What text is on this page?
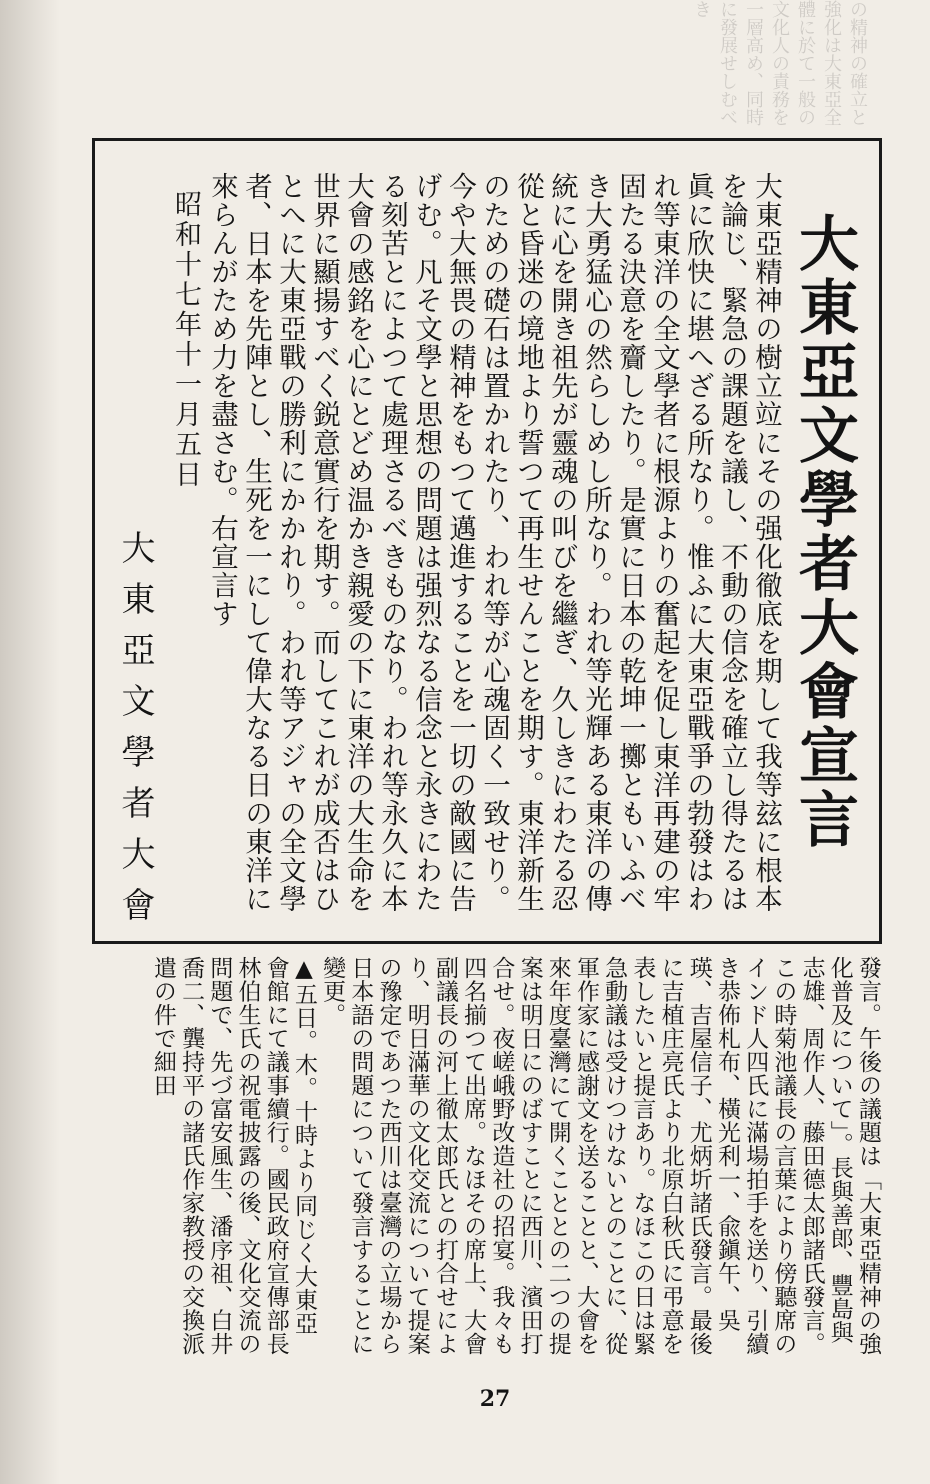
の精神の確立と強化は大東亞全體に於て一般の文化人の責務を一層高め、同時に發展せしむべき
大東亞文學者大會宣言

大東亞精神の樹立竝にその强化徹底を期して我等玆に根本を論じ、緊急の課題を議し、不動の信念を確立し得たるは眞に欣快に堪へざる所なり。惟ふに大東亞戰爭の勃發はわれ等東洋の全文學者に根源よりの奮起を促し東洋再建の牢固たる決意を齎したり。是實に日本の乾坤一擲ともいふべき大勇猛心の然らしめし所なり。われ等光輝ある東洋の傳統に心を開き祖先が靈魂の叫びを繼ぎ、久しきにわたる忍從と昏迷の境地より誓つて再生せんことを期す。東洋新生のための礎石は置かれたり、われ等が心魂固く一致せり。今や大無畏の精神をもつて邁進することを一切の敵國に告げむ。凡そ文學と思想の問題は强烈なる信念と永きにわたる刻苦とによつて處理さるべきものなり。われ等永久に本大會の感銘を心にとどめ温かき親愛の下に東洋の大生命を世界に顯揚すべく鋭意實行を期す。而してこれが成否はひとへに大東亞戰の勝利にかかれり。われ等アジャの全文學者、日本を先陣とし、生死を一にして偉大なる日の東洋に來らんがため力を盡さむ。右宣言す

昭和十七年十一月五日
大東亞文學者大會

發言。午後の議題は「大東亞精神の強化普及について」。長與善郎、豐島與志雄、周作人、藤田德太郎諸氏發言。この時菊池議長の言葉により傍聽席のインド人四氏に滿場拍手を送り、引續き恭佈札布、橫光利一、兪鎭午、吳瑛、吉屋信子、尤炳圻諸氏發言。最後に吉植庄亮氏より北原白秋氏に弔意を表したいと提言あり。なほこの日は緊急動議は受けつけないとのことに、從軍作家に感謝文を送ることと、大會を來年度臺灣にて開くこととの二つの提案は明日にのばすことに西川、濱田打合せ。夜嵯峨野改造社の招宴。我々も四名揃つて出席。なほその席上、大會副議長の河上徹太郎氏との打合せにより、明日滿華の文化交流について提案の豫定であつた西川は臺灣の立場から日本語の問題について發言することに變更。

▲五日。木。十時より同じく大東亞會館にて議事續行。國民政府宣傳部長林伯生氏の祝電披露の後、文化交流の問題で、先づ富安風生、潘序祖、白井喬二、龔持平の諸氏作家教授の交換派遣の件で細田

27
